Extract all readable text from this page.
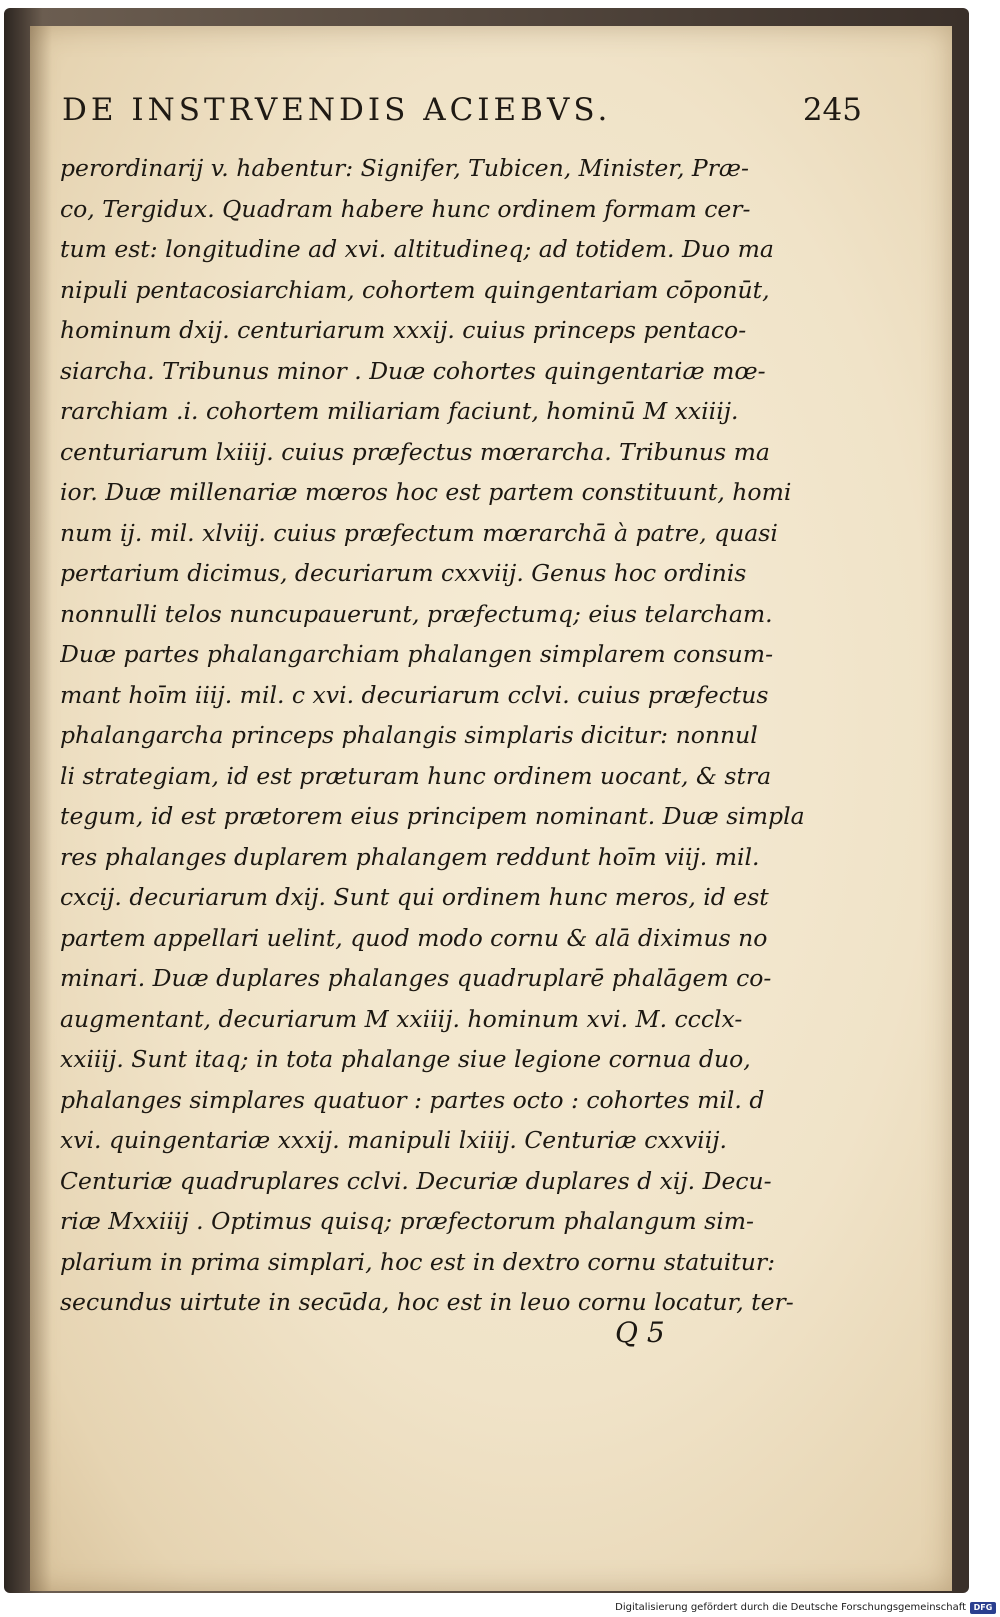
DE INSTRVENDIS ACIEBVS.	245
perordinarij v. habentur: Signifer, Tubicen, Minister, Præ-
co, Tergidux. Quadram habere hunc ordinem formam cer-
tum est: longitudine ad xvi. altitudineq; ad totidem. Duo ma
nipuli pentacosiarchiam, cohortem quingentariam cōponūt,
hominum dxij. centuriarum xxxij. cuius princeps pentaco-
siarcha. Tribunus minor . Duæ cohortes quingentariæ mœ-
rarchiam .i. cohortem miliariam faciunt, hominū M xxiiij.
centuriarum lxiiij. cuius præfectus mœrarcha. Tribunus ma
ior. Duæ millenariæ mœros hoc est partem constituunt, homi
num ij. mil. xlviij. cuius præfectum mœrarchā à patre, quasi
pertarium dicimus, decuriarum cxxviij. Genus hoc ordinis
nonnulli telos nuncupauerunt, præfectumq; eius telarcham.
Duæ partes phalangarchiam phalangen simplarem consum-
mant hoīm iiij. mil. c xvi. decuriarum cclvi. cuius præfectus
phalangarcha princeps phalangis simplaris dicitur: nonnul
li strategiam, id est præturam hunc ordinem uocant, & stra
tegum, id est prætorem eius principem nominant. Duæ simpla
res phalanges duplarem phalangem reddunt hoīm viij. mil.
cxcij. decuriarum dxij. Sunt qui ordinem hunc meros, id est
partem appellari uelint, quod modo cornu & alā diximus no
minari. Duæ duplares phalanges quadruplarē phalāgem co-
augmentant, decuriarum M xxiiij. hominum xvi. M. ccclx-
xxiiij. Sunt itaq; in tota phalange siue legione cornua duo,
phalanges simplares quatuor : partes octo : cohortes mil. d
xvi. quingentariæ xxxij. manipuli lxiiij. Centuriæ cxxviij.
Centuriæ quadruplares cclvi. Decuriæ duplares d xij. Decu-
riæ Mxxiiij . Optimus quisq; præfectorum phalangum sim-
plarium in prima simplari, hoc est in dextro cornu statuitur:
secundus uirtute in secūda, hoc est in leuo cornu locatur, ter-
Q 5
Digitalisierung gefördert durch die Deutsche Forschungsgemeinschaft DFG
